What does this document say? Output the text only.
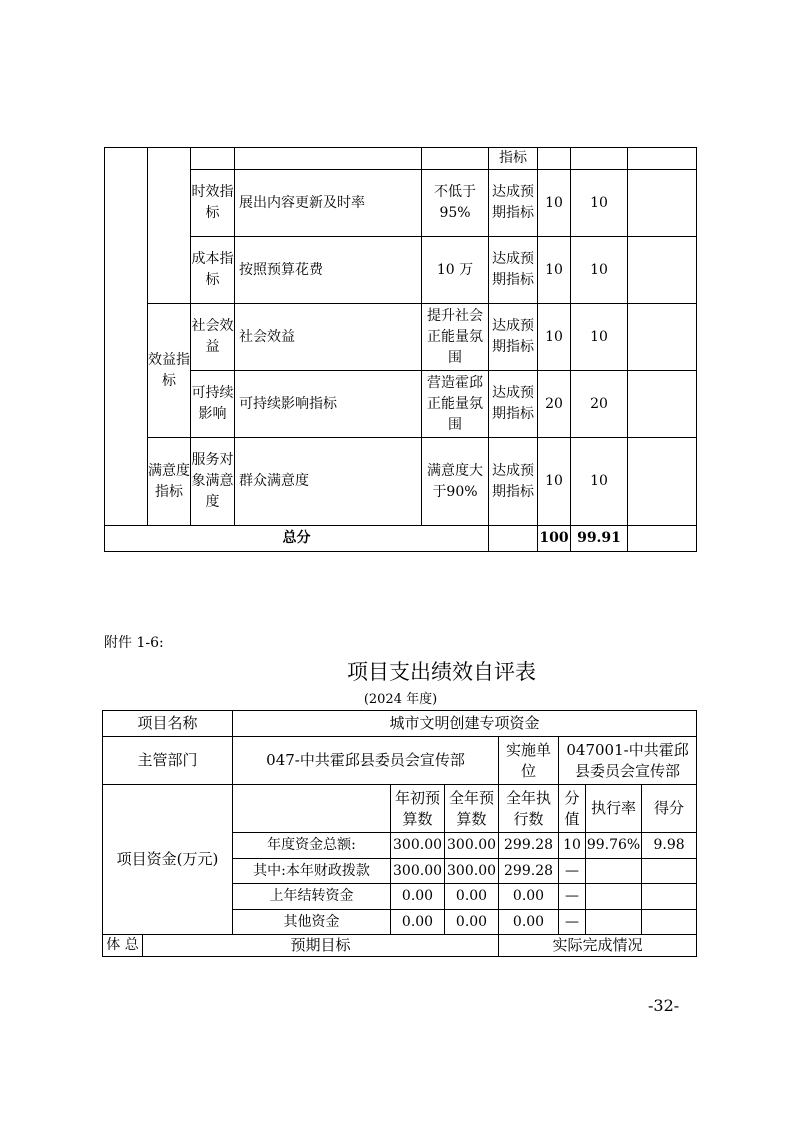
					指标			
		时效指标	展出内容更新及时率	不低于95%	达成预期指标	10	10	
		成本指标	按照预算花费	10 万	达成预期指标	10	10	
	效益指标	社会效益	社会效益	提升社会正能量氛围	达成预期指标	10	10	
		可持续影响	可持续影响指标	营造霍邱正能量氛围	达成预期指标	20	20	
	满意度指标	服务对象满意度	群众满意度	满意度大于90%	达成预期指标	10	10	
总分						100	99.91	
附件 1-6:
项目支出绩效自评表
(2024 年度)
项目名称		城市文明创建专项资金						
主管部门		047-中共霍邱县委员会宣传部			实施单位	047001-中共霍邱县委员会宣传部		
项目资金(万元)			年初预算数	全年预算数	全年执行数	分值	执行率	得分
		年度资金总额:	300.00	300.00	299.28	10	99.76%	9.98
		其中:本年财政拨款	300.00	300.00	299.28	—		
		上年结转资金	0.00	0.00	0.00	—		
		其他资金	0.00	0.00	0.00	—		
体 总	预期目标				实际完成情况			
-32-
